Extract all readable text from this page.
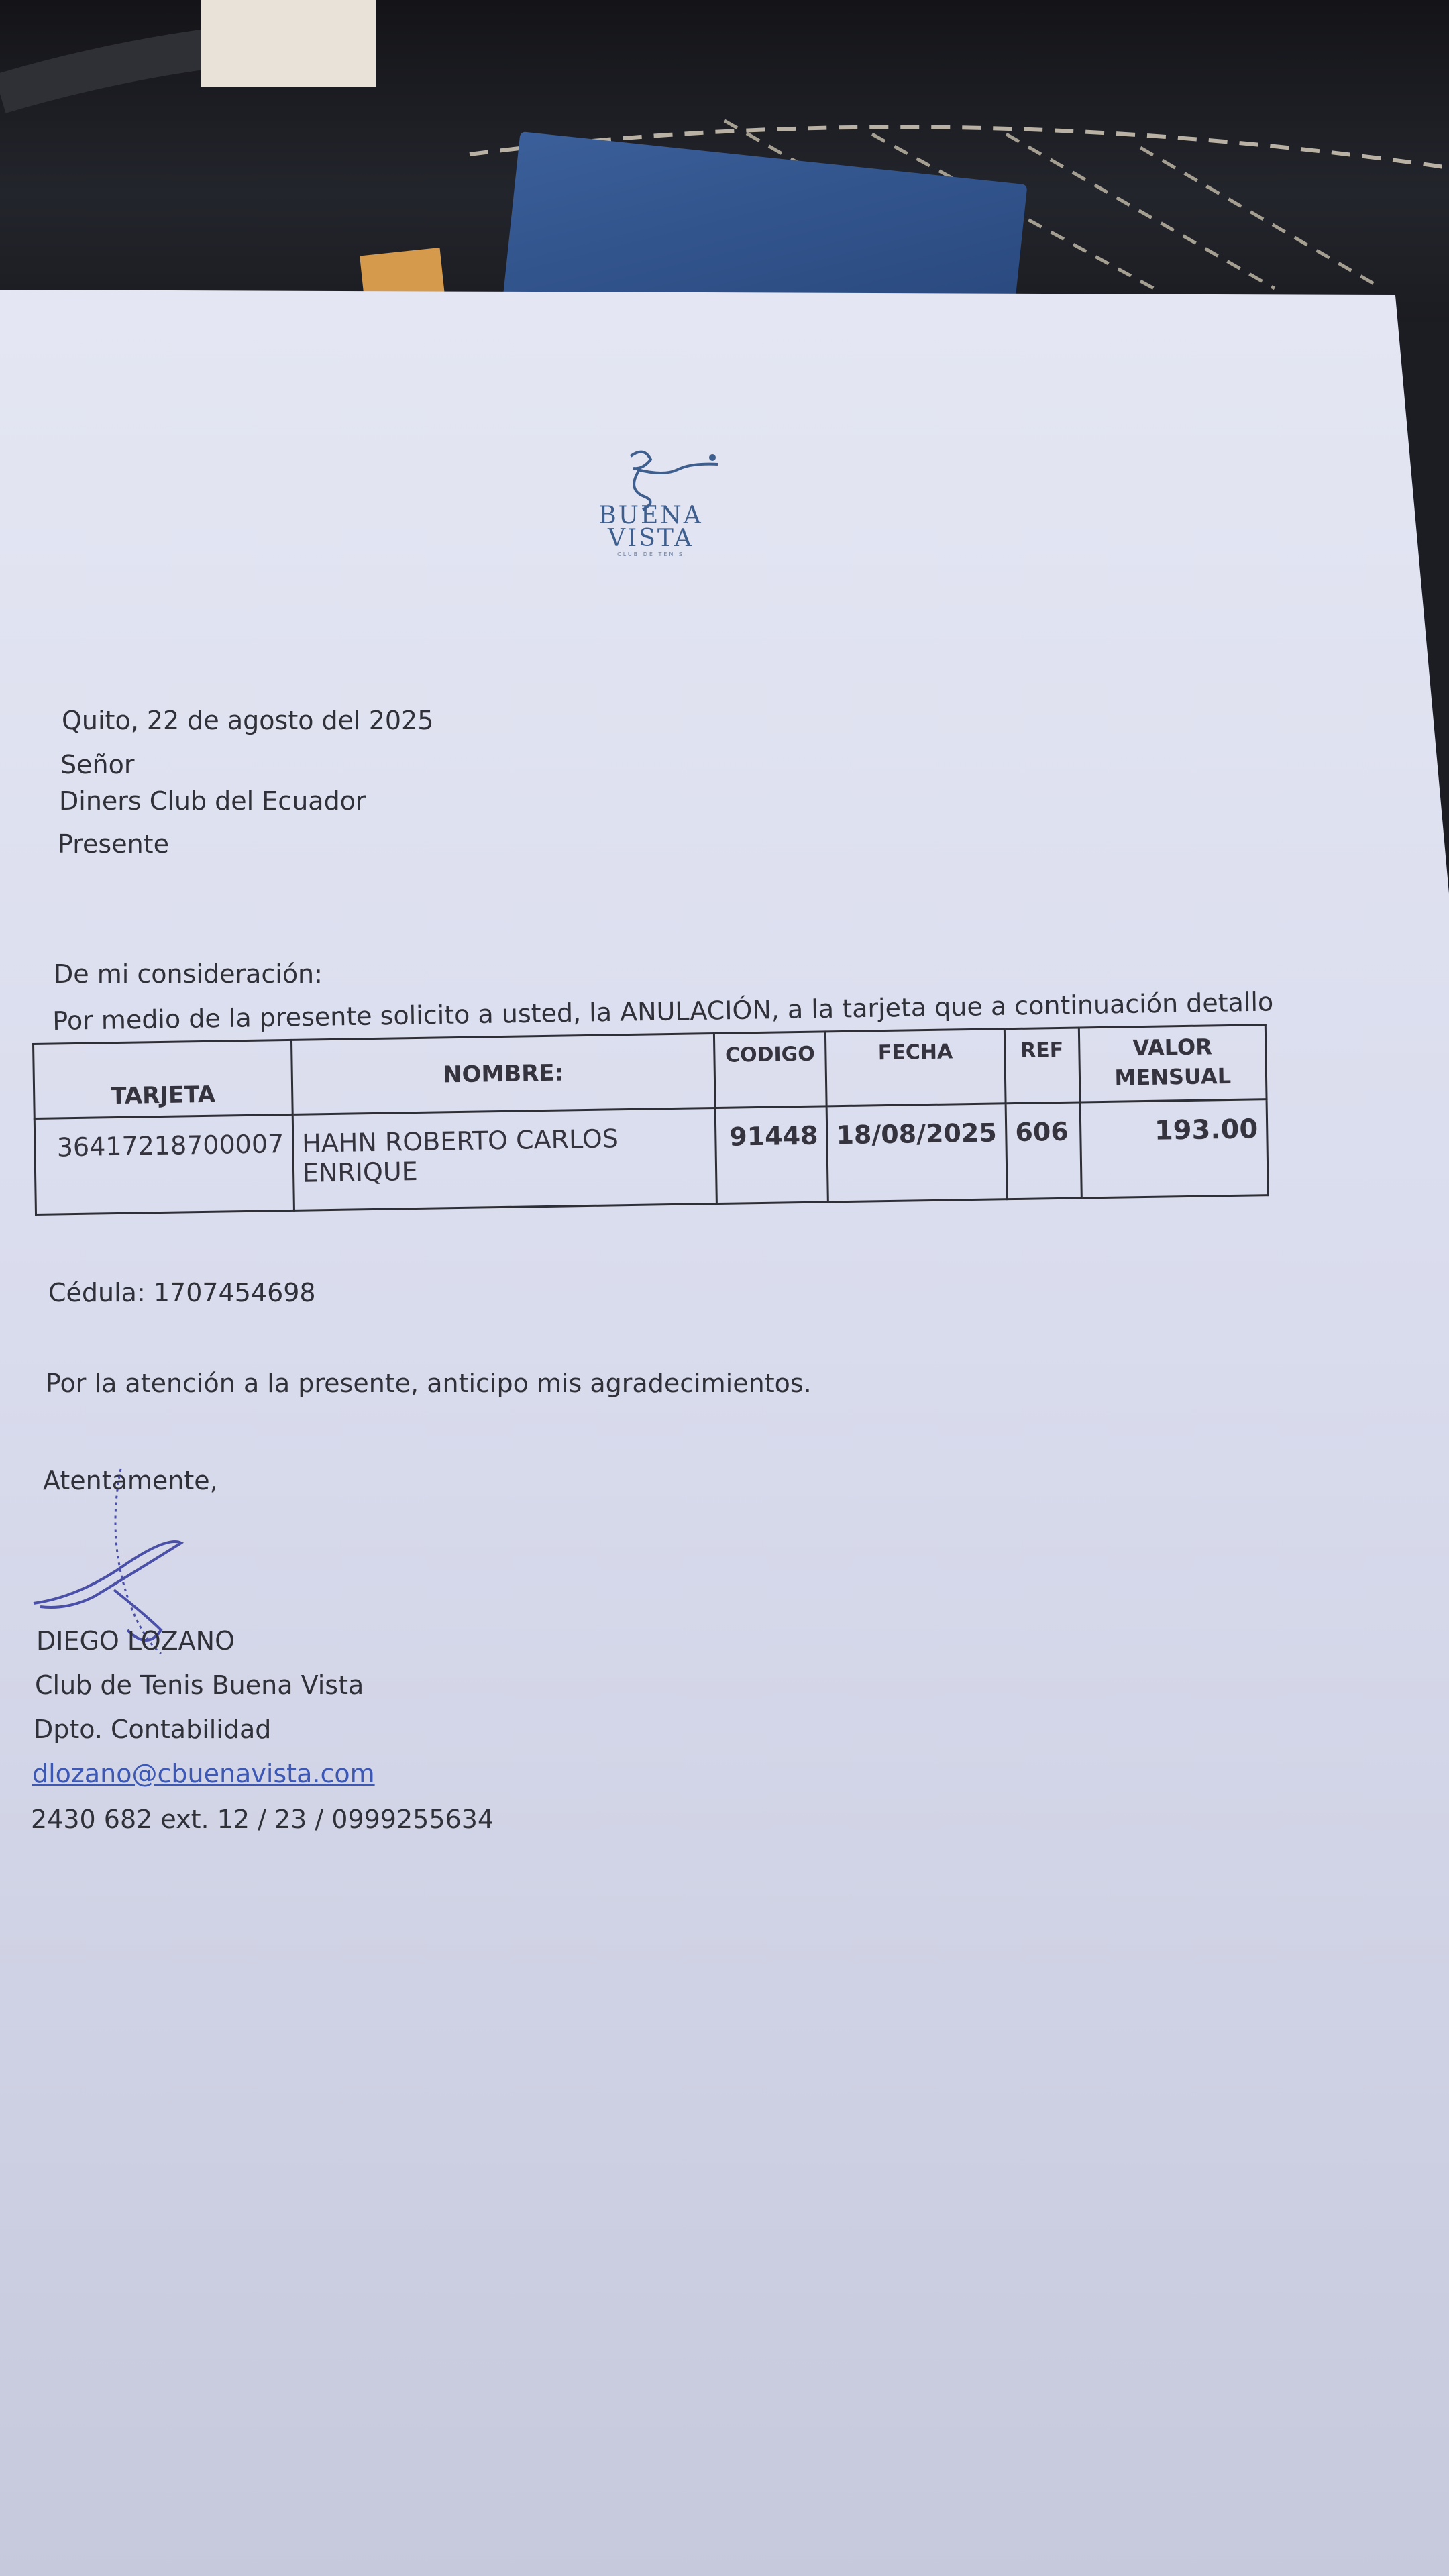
BUENA
VISTA
CLUB DE TENIS
Quito, 22 de agosto del 2025
Señor
Diners Club del Ecuador
Presente
De mi consideración:
Por medio de la presente solicito a usted, la ANULACIÓN, a la tarjeta que a continuación detallo
TARJETA	NOMBRE:	CODIGO	FECHA	REF	VALOR
MENSUAL
36417218700007	HAHN ROBERTO CARLOS ENRIQUE	91448	18/08/2025	606	193.00
Cédula: 1707454698
Por la atención a la presente, anticipo mis agradecimientos.
Atentamente,
DIEGO LOZANO
Club de Tenis Buena Vista
Dpto. Contabilidad
dlozano@cbuenavista.com
2430 682 ext. 12 / 23 / 0999255634
